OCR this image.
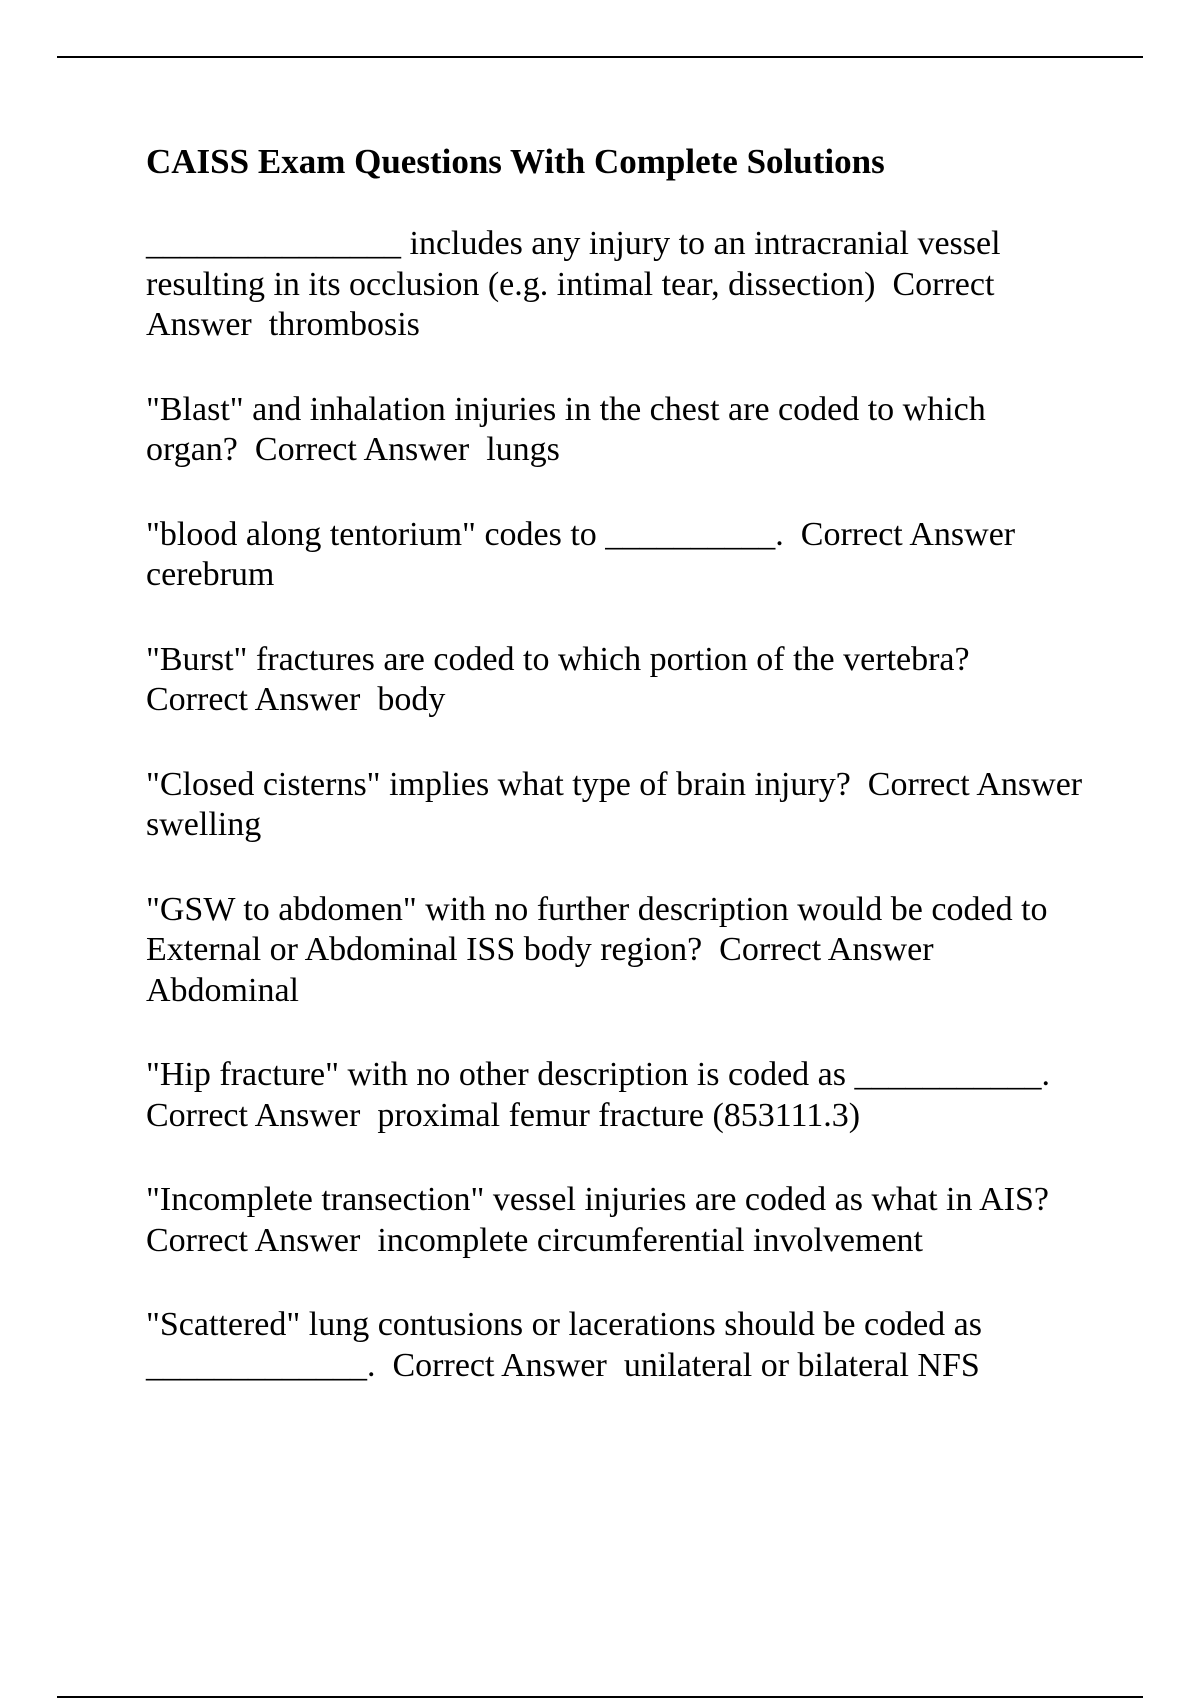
CAISS Exam Questions With Complete Solutions

_______________ includes any injury to an intracranial vessel resulting in its occlusion (e.g. intimal tear, dissection)  Correct Answer  thrombosis

"Blast" and inhalation injuries in the chest are coded to which organ?  Correct Answer  lungs

"blood along tentorium" codes to __________.  Correct Answer  cerebrum

"Burst" fractures are coded to which portion of the vertebra?  Correct Answer  body

"Closed cisterns" implies what type of brain injury?  Correct Answer  swelling

"GSW to abdomen" with no further description would be coded to External or Abdominal ISS body region?  Correct Answer  Abdominal

"Hip fracture" with no other description is coded as ___________.  Correct Answer  proximal femur fracture (853111.3)

"Incomplete transection" vessel injuries are coded as what in AIS?  Correct Answer  incomplete circumferential involvement

"Scattered" lung contusions or lacerations should be coded as _____________.  Correct Answer  unilateral or bilateral NFS
